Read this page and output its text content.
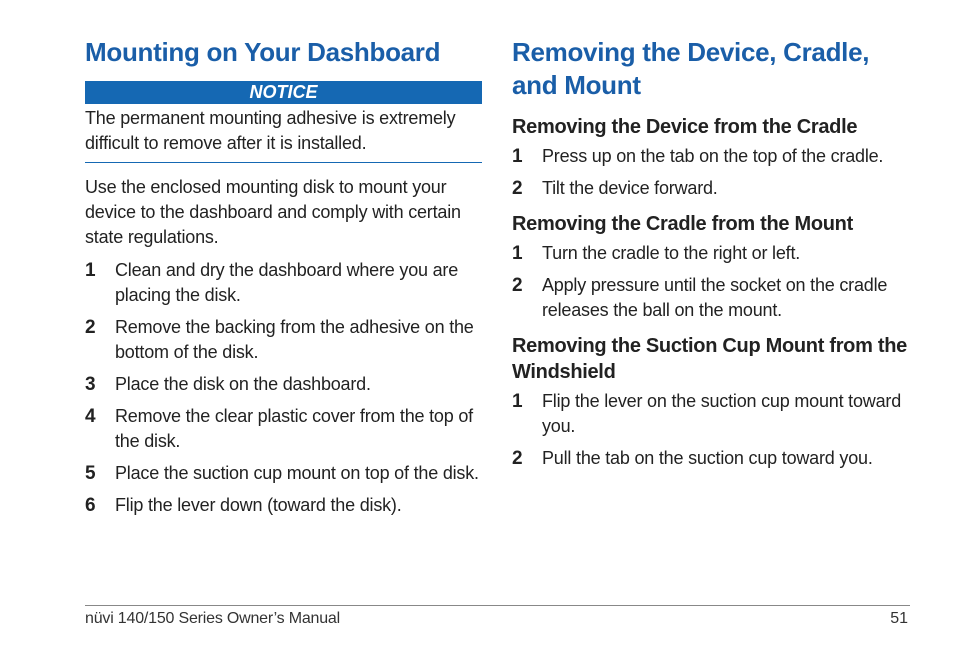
Mounting on Your Dashboard
NOTICE

The permanent mounting adhesive is extremely difficult to remove after it is installed.

Use the enclosed mounting disk to mount your device to the dashboard and comply with certain state regulations.

1	Clean and dry the dashboard where you are placing the disk.
2	Remove the backing from the adhesive on the bottom of the disk.
3	Place the disk on the dashboard.
4	Remove the clear plastic cover from the top of the disk.
5	Place the suction cup mount on top of the disk.
6	Flip the lever down (toward the disk).
Removing the Device, Cradle, and Mount
Removing the Device from the Cradle
1	Press up on the tab on the top of the cradle.
2	Tilt the device forward.
Removing the Cradle from the Mount
1	Turn the cradle to the right or left.
2	Apply pressure until the socket on the cradle releases the ball on the mount.
Removing the Suction Cup Mount from the Windshield
1	Flip the lever on the suction cup mount toward you.
2	Pull the tab on the suction cup toward you.
nüvi 140/150 Series Owner’s Manual	51
